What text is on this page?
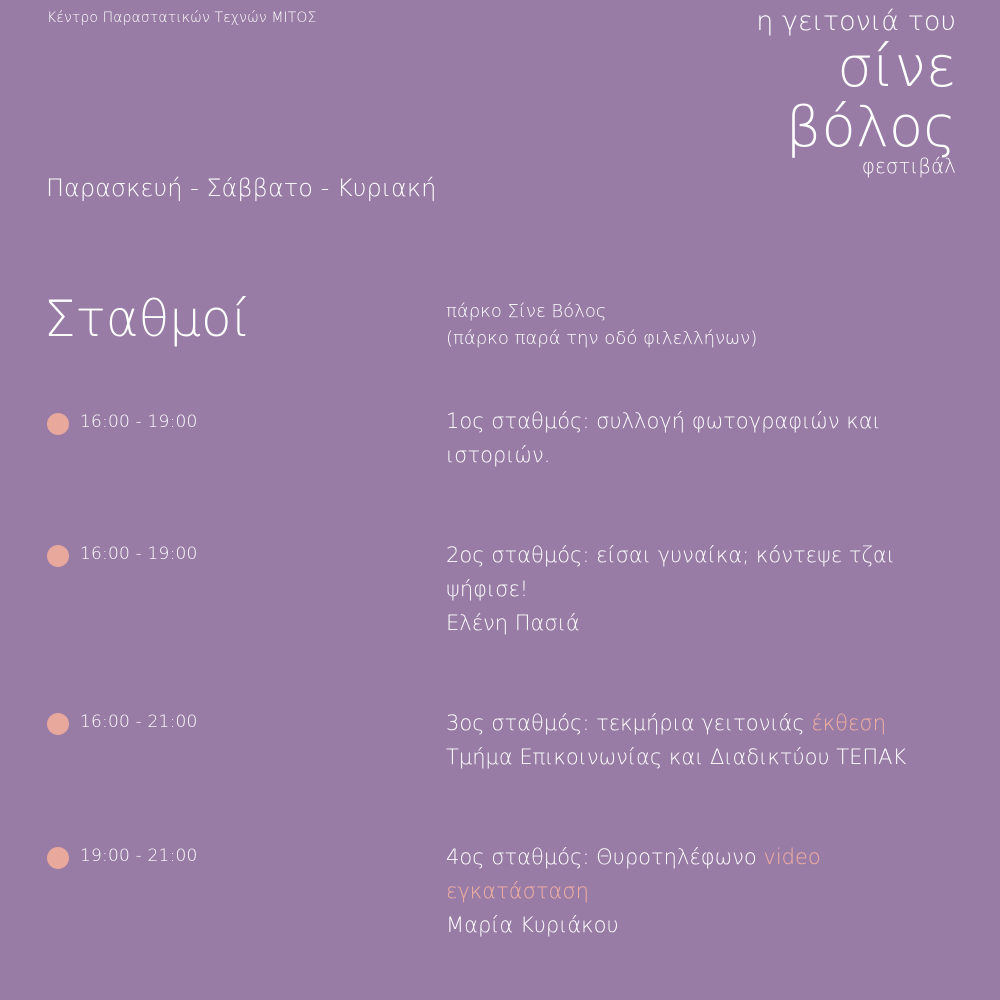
Κέντρο Παραστατικών Τεχνών ΜΙΤΟΣ	η γειτονιά του
σίνε
βόλος
φεστιβάλ
Παρασκευή - Σάββατο - Κυριακή
Σταθμοί	πάρκο Σίνε Βόλος
(πάρκο παρά την οδό φιλελλήνων)
16:00 - 19:00	1ος σταθμός: συλλογή φωτογραφιών και
ιστοριών.
16:00 - 19:00	2ος σταθμός: είσαι γυναίκα; κόντεψε τζαι
ψήφισε!
Ελένη Πασιά
16:00 - 21:00	3ος σταθμός: τεκμήρια γειτονιάς έκθεση
Τμήμα Επικοινωνίας και Διαδικτύου ΤΕΠΑΚ
19:00 - 21:00	4ος σταθμός: Θυροτηλέφωνο video
εγκατάσταση
Μαρία Κυριάκου
